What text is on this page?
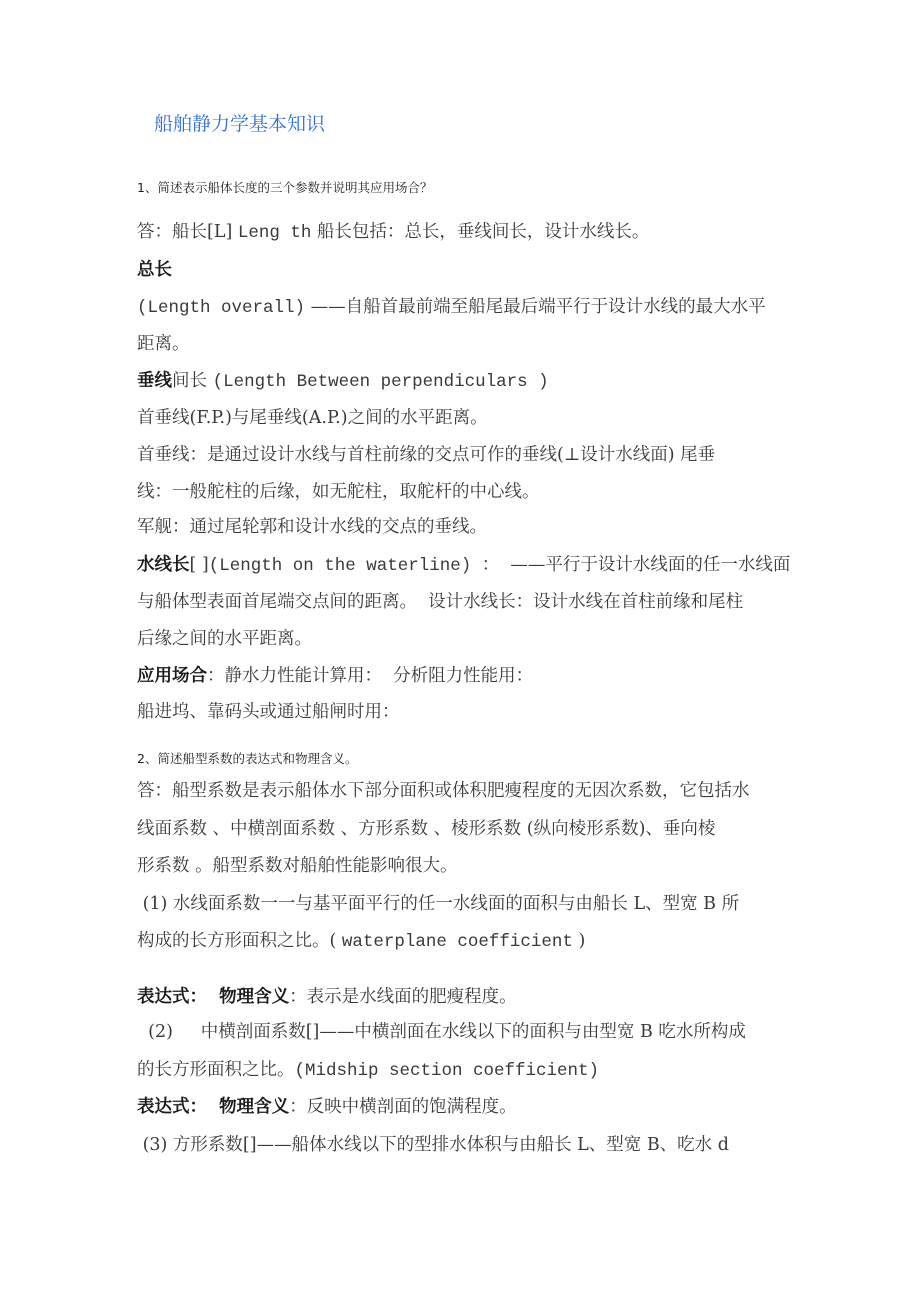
船舶静力学基本知识
1、简述表示船体长度的三个参数并说明其应用场合？
答：船长[L] Leng th 船长包括：总长，垂线间长，设计水线长。
总长
(Length overall) ——自船首最前端至船尾最后端平行于设计水线的最大水平
距离。
垂线间长 (Length Between perpendiculars )
首垂线(F.P.)与尾垂线(A.P.)之间的水平距离。
首垂线：是通过设计水线与首柱前缘的交点可作的垂线(⊥设计水线面) 尾垂
线：一般舵柱的后缘，如无舵柱，取舵杆的中心线。
军舰：通过尾轮郭和设计水线的交点的垂线。
水线长[ ](Length on the waterline) ：  ——平行于设计水线面的任一水线面
与船体型表面首尾端交点间的距离。  设计水线长：设计水线在首柱前缘和尾柱
后缘之间的水平距离。
应用场合：静水力性能计算用：  分析阻力性能用：
船进坞、靠码头或通过船闸时用：
2、简述船型系数的表达式和物理含义。
答：船型系数是表示船体水下部分面积或体积肥瘦程度的无因次系数，它包括水
线面系数 、中横剖面系数 、方形系数 、棱形系数 (纵向棱形系数)、垂向棱
形系数 。船型系数对船舶性能影响很大。
(1) 水线面系数一一与基平面平行的任一水线面的面积与由船长 L、型宽 B 所
构成的长方形面积之比。( waterplane coefficient )
表达式：  物理含义：表示是水线面的肥瘦程度。
(2)     中横剖面系数[]——中横剖面在水线以下的面积与由型宽 B 吃水所构成
的长方形面积之比。(Midship section coefficient)
表达式：  物理含义：反映中横剖面的饱满程度。
(3) 方形系数[]——船体水线以下的型排水体积与由船长 L、型宽 B、吃水 d
